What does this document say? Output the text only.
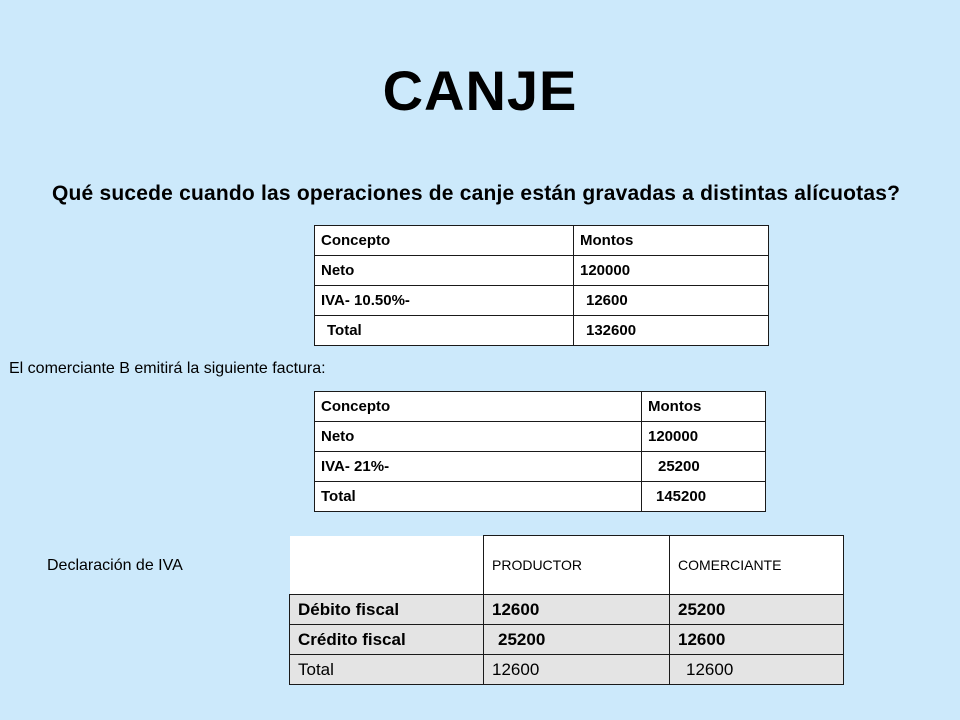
CANJE
Qué sucede cuando las operaciones de canje están gravadas a distintas alícuotas?
Concepto	Montos
Neto	120000
IVA- 10.50%-	12600
Total	132600
El comerciante B emitirá la siguiente factura:
Concepto	Montos
Neto	120000
IVA- 21%-	25200
Total	145200
Declaración de IVA
		PRODUCTOR	COMERCIANTE
Débito fiscal	12600	25200
Crédito fiscal	25200	12600
Total	12600	12600
